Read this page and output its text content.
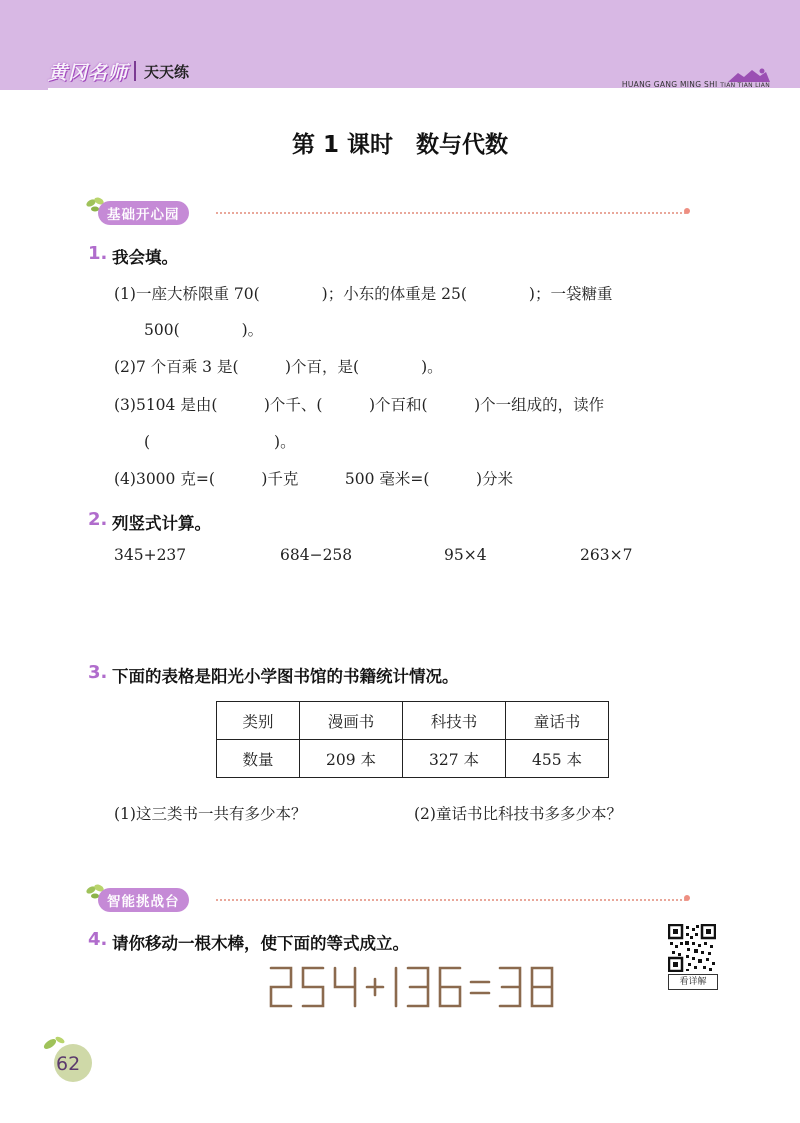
黄冈名师 天天练
HUANG GANG MING SHI TIAN TIAN LIAN
第 1 课时　数与代数
基础开心园
1. 我会填。
(1)一座大桥限重 70(　　　　)；小东的体重是 25(　　　　)；一袋糖重
500(　　　　)。
(2)7 个百乘 3 是(　　　)个百，是(　　　　)。
(3)5104 是由(　　　)个千、(　　　)个百和(　　　)个一组成的，读作
(　　　　　　　　)。
(4)3000 克=(　　　)千克　　　500 毫米=(　　　)分米
2. 列竖式计算。
345+237	684−258	95×4	263×7
3. 下面的表格是阳光小学图书馆的书籍统计情况。
类别	漫画书	科技书	童话书
数量	209 本	327 本	455 本
(1)这三类书一共有多少本？	(2)童话书比科技书多多少本？
智能挑战台
4. 请你移动一根木棒，使下面的等式成立。
看详解
62
